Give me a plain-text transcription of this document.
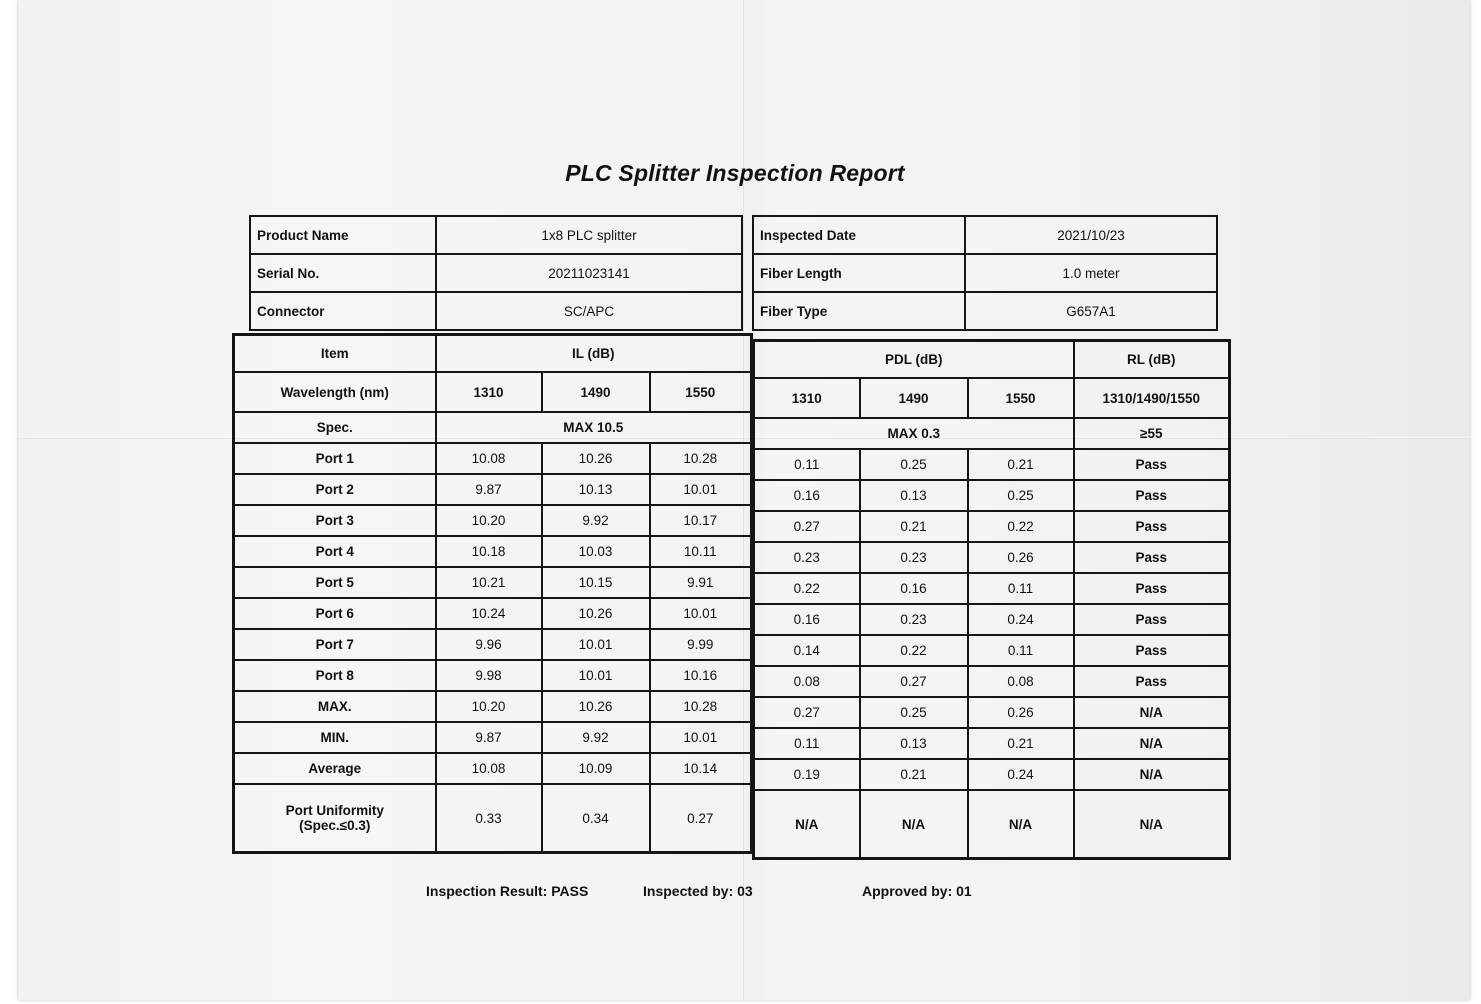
PLC Splitter Inspection Report
Product Name	1x8 PLC splitter
Serial No.	20211023141
Connector	SC/APC
Inspected Date	2021/10/23
Fiber Length	1.0 meter
Fiber Type	G657A1
Item	IL (dB)		
Wavelength (nm)	1310	1490	1550
Spec.	MAX 10.5		
Port 1	10.08	10.26	10.28
Port 2	9.87	10.13	10.01
Port 3	10.20	9.92	10.17
Port 4	10.18	10.03	10.11
Port 5	10.21	10.15	9.91
Port 6	10.24	10.26	10.01
Port 7	9.96	10.01	9.99
Port 8	9.98	10.01	10.16
MAX.	10.20	10.26	10.28
MIN.	9.87	9.92	10.01
Average	10.08	10.09	10.14
Port Uniformity
(Spec.≤0.3)	0.33	0.34	0.27
PDL (dB)			RL (dB)
1310	1490	1550	1310/1490/1550
MAX 0.3			≥55
0.11	0.25	0.21	Pass
0.16	0.13	0.25	Pass
0.27	0.21	0.22	Pass
0.23	0.23	0.26	Pass
0.22	0.16	0.11	Pass
0.16	0.23	0.24	Pass
0.14	0.22	0.11	Pass
0.08	0.27	0.08	Pass
0.27	0.25	0.26	N/A
0.11	0.13	0.21	N/A
0.19	0.21	0.24	N/A
N/A	N/A	N/A	N/A
Inspection Result: PASS	Inspected by: 03	Approved by: 01
